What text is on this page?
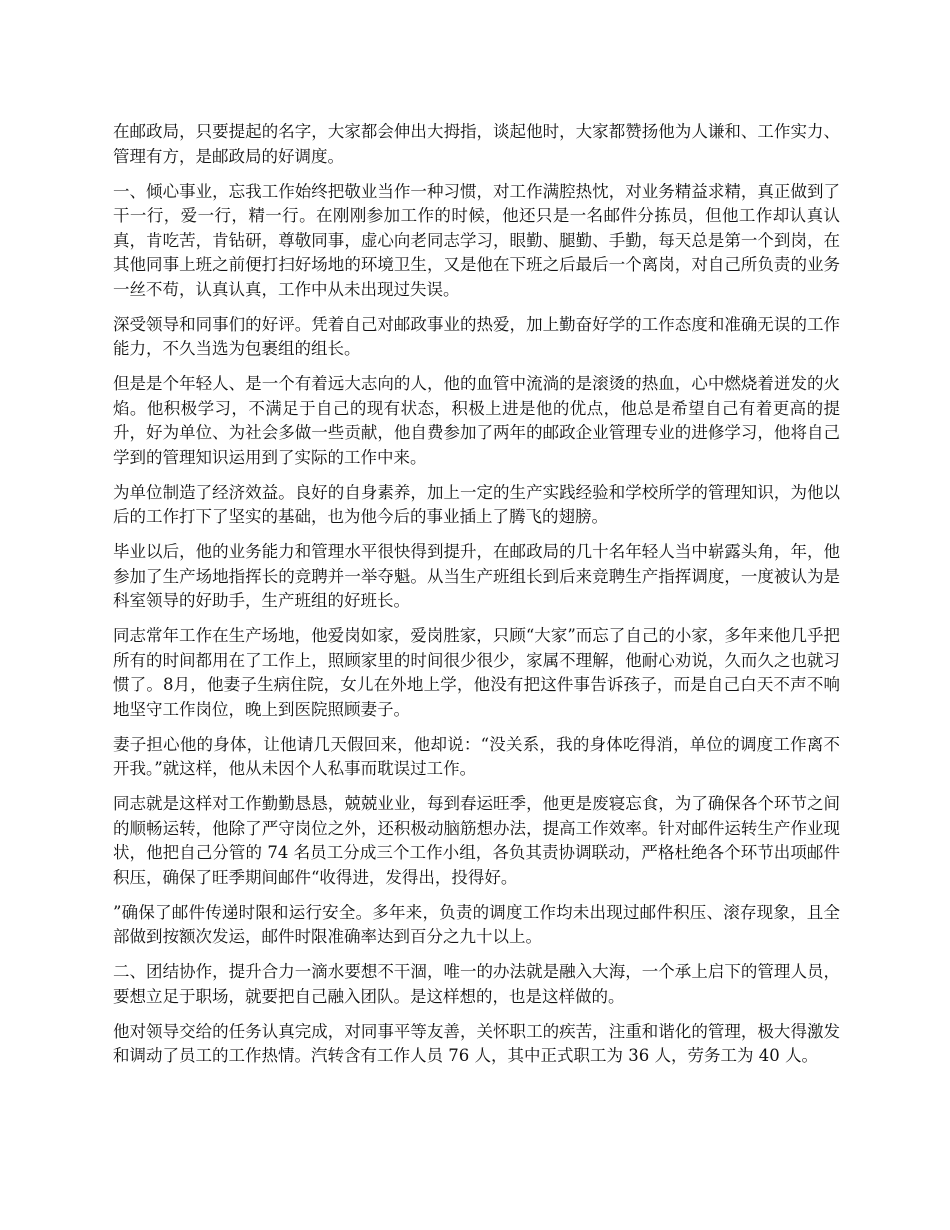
在邮政局，只要提起的名字，大家都会伸出大拇指，谈起他时，大家都赞扬他为人谦和、工作实力、管理有方，是邮政局的好调度。

一、倾心事业，忘我工作始终把敬业当作一种习惯，对工作满腔热忱，对业务精益求精，真正做到了干一行，爱一行，精一行。在刚刚参加工作的时候，他还只是一名邮件分拣员，但他工作却认真认真，肯吃苦，肯钻研，尊敬同事，虚心向老同志学习，眼勤、腿勤、手勤，每天总是第一个到岗，在其他同事上班之前便打扫好场地的环境卫生，又是他在下班之后最后一个离岗，对自己所负责的业务一丝不苟，认真认真，工作中从未出现过失误。

深受领导和同事们的好评。凭着自己对邮政事业的热爱，加上勤奋好学的工作态度和准确无误的工作能力，不久当选为包裹组的组长。

但是是个年轻人、是一个有着远大志向的人，他的血管中流淌的是滚烫的热血，心中燃烧着迸发的火焰。他积极学习，不满足于自己的现有状态，积极上进是他的优点，他总是希望自己有着更高的提升，好为单位、为社会多做一些贡献，他自费参加了两年的邮政企业管理专业的进修学习，他将自己学到的管理知识运用到了实际的工作中来。

为单位制造了经济效益。良好的自身素养，加上一定的生产实践经验和学校所学的管理知识，为他以后的工作打下了坚实的基础，也为他今后的事业插上了腾飞的翅膀。

毕业以后，他的业务能力和管理水平很快得到提升，在邮政局的几十名年轻人当中崭露头角，年，他参加了生产场地指挥长的竞聘并一举夺魁。从当生产班组长到后来竞聘生产指挥调度，一度被认为是科室领导的好助手，生产班组的好班长。

同志常年工作在生产场地，他爱岗如家，爱岗胜家，只顾“大家”而忘了自己的小家，多年来他几乎把所有的时间都用在了工作上，照顾家里的时间很少很少，家属不理解，他耐心劝说，久而久之也就习惯了。8月，他妻子生病住院，女儿在外地上学，他没有把这件事告诉孩子，而是自己白天不声不响地坚守工作岗位，晚上到医院照顾妻子。

妻子担心他的身体，让他请几天假回来，他却说：“没关系，我的身体吃得消，单位的调度工作离不开我。”就这样，他从未因个人私事而耽误过工作。

同志就是这样对工作勤勤恳恳，兢兢业业，每到春运旺季，他更是废寝忘食，为了确保各个环节之间的顺畅运转，他除了严守岗位之外，还积极动脑筋想办法，提高工作效率。针对邮件运转生产作业现状，他把自己分管的 74 名员工分成三个工作小组，各负其责协调联动，严格杜绝各个环节出项邮件积压，确保了旺季期间邮件“收得进，发得出，投得好。

”确保了邮件传递时限和运行安全。多年来，负责的调度工作均未出现过邮件积压、滚存现象，且全部做到按额次发运，邮件时限准确率达到百分之九十以上。

二、团结协作，提升合力一滴水要想不干涸，唯一的办法就是融入大海，一个承上启下的管理人员，要想立足于职场，就要把自己融入团队。是这样想的，也是这样做的。

他对领导交给的任务认真完成，对同事平等友善，关怀职工的疾苦，注重和谐化的管理，极大得激发和调动了员工的工作热情。汽转含有工作人员 76 人，其中正式职工为 36 人，劳务工为 40 人。
